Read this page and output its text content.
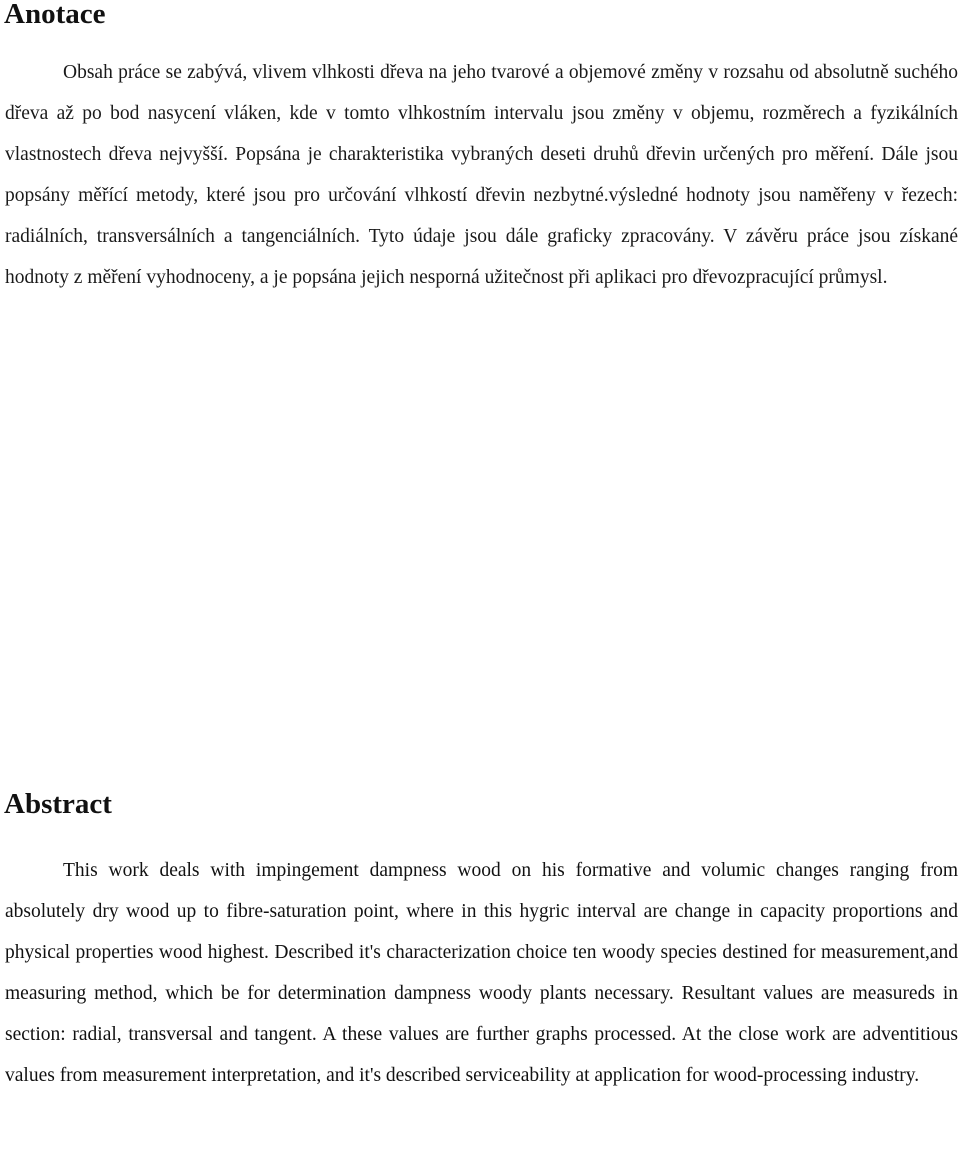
Anotace

Obsah práce se zabývá, vlivem vlhkosti dřeva na jeho tvarové a objemové změny v rozsahu od absolutně suchého dřeva až po bod nasycení vláken, kde v tomto vlhkostním intervalu jsou změny v objemu, rozměrech a fyzikálních vlastnostech dřeva nejvyšší. Popsána je charakteristika vybraných deseti druhů dřevin určených pro měření. Dále jsou popsány měřící metody, které jsou pro určování vlhkostí dřevin nezbytné.výsledné hodnoty jsou naměřeny v řezech: radiálních, transversálních a tangenciálních. Tyto údaje jsou dále graficky zpracovány. V závěru práce jsou získané hodnoty z měření vyhodnoceny, a je popsána jejich nesporná užitečnost při aplikaci pro dřevozpracující průmysl.

Abstract

This work deals with impingement dampness wood on his formative and volumic changes ranging from absolutely dry wood up to fibre-saturation point, where in this hygric interval are change in capacity proportions and physical properties wood highest. Described it's characterization choice ten woody species destined for measurement,and measuring method, which be for determination dampness woody plants necessary. Resultant values are measureds in section: radial, transversal and tangent. A these values are further graphs processed. At the close work are adventitious values from measurement interpretation, and it's described serviceability at application for wood-processing industry.
